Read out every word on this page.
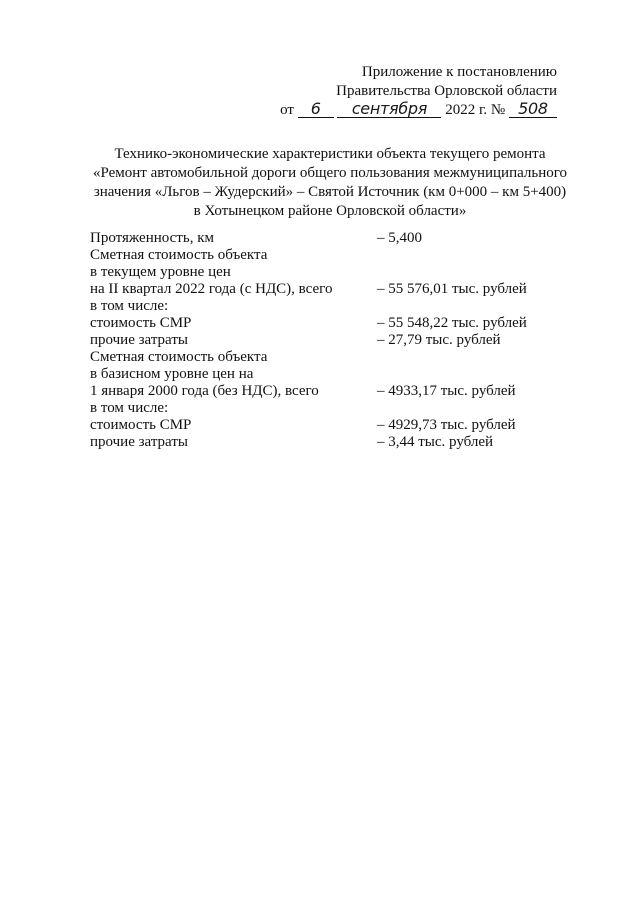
Приложение к постановлению
Правительства Орловской области
от 6 сентября 2022 г. № 508
Технико-экономические характеристики объекта текущего ремонта
«Ремонт автомобильной дороги общего пользования межмуниципального
значения «Льгов – Жудерский» – Святой Источник (км 0+000 – км 5+400)
в Хотынецком районе Орловской области»
Протяженность, км	– 5,400
Сметная стоимость объекта
в текущем уровне цен
на II квартал 2022 года (с НДС), всего	– 55 576,01 тыс. рублей
в том числе:
стоимость СМР	– 55 548,22 тыс. рублей
прочие затраты	– 27,79 тыс. рублей
Сметная стоимость объекта
в базисном уровне цен на
1 января 2000 года (без НДС), всего	– 4933,17 тыс. рублей
в том числе:
стоимость СМР	– 4929,73 тыс. рублей
прочие затраты	– 3,44 тыс. рублей
